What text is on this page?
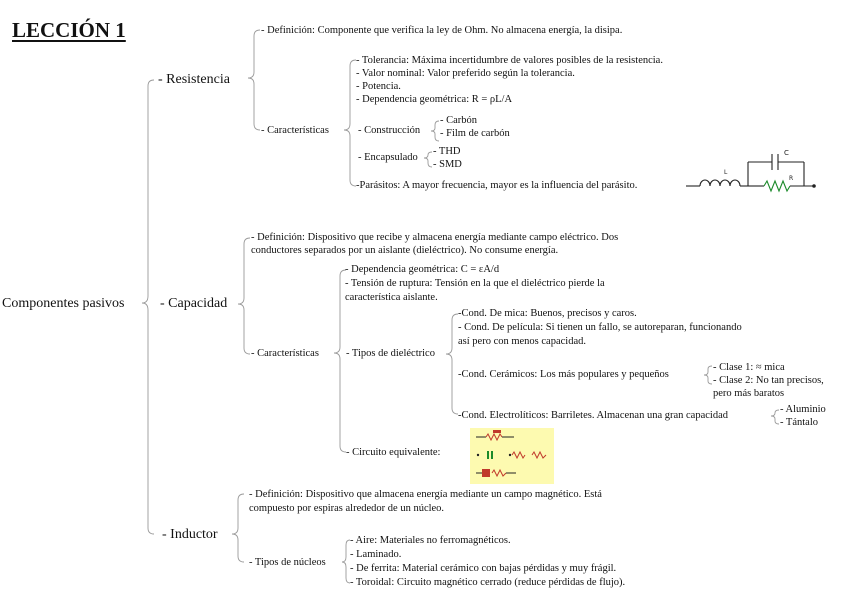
LECCIÓN 1
Componentes pasivos
- Resistencia
- Definición: Componente que verifica la ley de Ohm. No almacena energía, la disipa.
- Características
- Tolerancia: Máxima incertidumbre de valores posibles de la resistencia.
- Valor nominal: Valor preferido según la tolerancia.
- Potencia.
- Dependencia geométrica: R = ρL/A
- Construcción
- Carbón
- Film de carbón
- Encapsulado
- THD
- SMD
-Parásitos: A mayor frecuencia, mayor es la influencia del parásito.
C
L
R
- Capacidad
- Definición: Dispositivo que recibe y almacena energía mediante campo eléctrico. Dos
conductores separados por un aislante (dieléctrico). No consume energía.
- Características
- Dependencia geométrica: C = εA/d
- Tensión de ruptura: Tensión en la que el dieléctrico pierde la
característica aislante.
- Tipos de dieléctrico
-Cond. De mica: Buenos, precisos y caros.
- Cond. De película: Si tienen un fallo, se autoreparan, funcionando
así pero con menos capacidad.
-Cond. Cerámicos: Los más populares y pequeños
- Clase 1: ≈ mica
- Clase 2: No tan precisos,
pero más baratos
-Cond. Electrolíticos: Barriletes. Almacenan una gran capacidad
- Aluminio
- Tántalo
- Circuito equivalente:
- Inductor
- Definición: Dispositivo que almacena energía mediante un campo magnético. Está
compuesto por espiras alrededor de un núcleo.
- Tipos de núcleos
- Aire: Materiales no ferromagnéticos.
- Laminado.
- De ferrita: Material cerámico con bajas pérdidas y muy frágil.
- Toroidal: Circuito magnético cerrado (reduce pérdidas de flujo).
